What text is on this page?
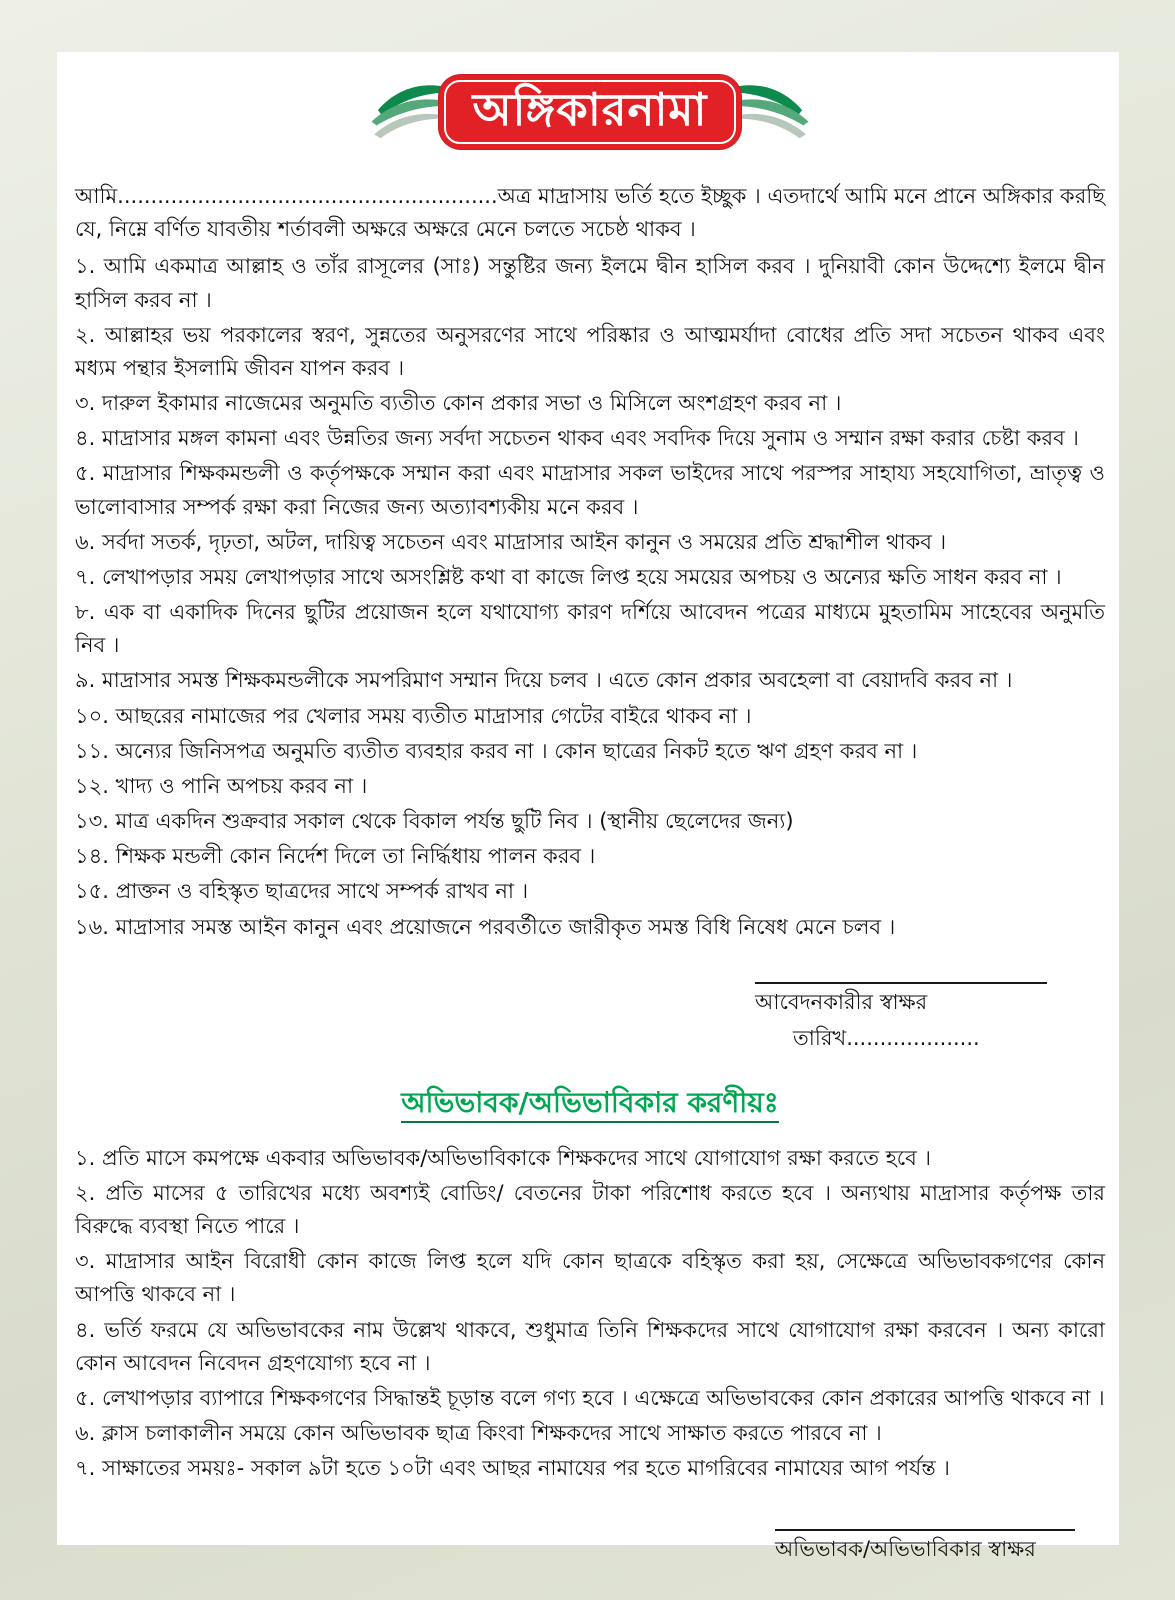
অঙ্গিকারনামা

আমি.........................................................অত্র মাদ্রাসায় ভর্তি হতে ইচ্ছুক । এতদার্থে আমি মনে প্রানে অঙ্গিকার করছি যে, নিম্নে বর্ণিত যাবতীয় শর্তাবলী অক্ষরে অক্ষরে মেনে চলতে সচেষ্ঠ থাকব ।

১. আমি একমাত্র আল্লাহ ও তাঁর রাসূলের (সাঃ) সন্তুষ্টির জন্য ইলমে দ্বীন হাসিল করব । দুনিয়াবী কোন উদ্দেশ্যে ইলমে দ্বীন হাসিল করব না ।

২. আল্লাহর ভয় পরকালের স্বরণ, সুন্নতের অনুসরণের সাথে পরিষ্কার ও আত্মমর্যাদা বোধের প্রতি সদা সচেতন থাকব এবং মধ্যম পন্থার ইসলামি জীবন যাপন করব ।

৩. দারুল ইকামার নাজেমের অনুমতি ব্যতীত কোন প্রকার সভা ও মিসিলে অংশগ্রহণ করব না ।

৪. মাদ্রাসার মঙ্গল কামনা এবং উন্নতির জন্য সর্বদা সচেতন থাকব এবং সবদিক দিয়ে সুনাম ও সম্মান রক্ষা করার চেষ্টা করব ।

৫. মাদ্রাসার শিক্ষকমন্ডলী ও কর্তৃপক্ষকে সম্মান করা এবং মাদ্রাসার সকল ভাইদের সাথে পরস্পর সাহায্য সহযোগিতা, ভ্রাতৃত্ব ও ভালোবাসার সম্পর্ক রক্ষা করা নিজের জন্য অত্যাবশ্যকীয় মনে করব ।

৬. সর্বদা সতর্ক, দৃঢ়তা, অটল, দায়িত্ব সচেতন এবং মাদ্রাসার আইন কানুন ও সময়ের প্রতি শ্রদ্ধাশীল থাকব ।

৭. লেখাপড়ার সময় লেখাপড়ার সাথে অসংশ্লিষ্ট কথা বা কাজে লিপ্ত হয়ে সময়ের অপচয় ও অন্যের ক্ষতি সাধন করব না ।

৮. এক বা একাদিক দিনের ছুটির প্রয়োজন হলে যথাযোগ্য কারণ দর্শিয়ে আবেদন পত্রের মাধ্যমে মুহতামিম সাহেবের অনুমতি নিব ।

৯. মাদ্রাসার সমস্ত শিক্ষকমন্ডলীকে সমপরিমাণ সম্মান দিয়ে চলব । এতে কোন প্রকার অবহেলা বা বেয়াদবি করব না ।

১০. আছরের নামাজের পর খেলার সময় ব্যতীত মাদ্রাসার গেটের বাইরে থাকব না ।

১১. অন্যের জিনিসপত্র অনুমতি ব্যতীত ব্যবহার করব না । কোন ছাত্রের নিকট হতে ঋণ গ্রহণ করব না ।

১২. খাদ্য ও পানি অপচয় করব না ।

১৩. মাত্র একদিন শুক্রবার সকাল থেকে বিকাল পর্যন্ত ছুটি নিব । (স্থানীয় ছেলেদের জন্য)

১৪. শিক্ষক মন্ডলী কোন নির্দেশ দিলে তা নির্দ্ধিধায় পালন করব ।

১৫. প্রাক্তন ও বহিস্কৃত ছাত্রদের সাথে সম্পর্ক রাখব না ।

১৬. মাদ্রাসার সমস্ত আইন কানুন এবং প্রয়োজনে পরবর্তীতে জারীকৃত সমস্ত বিধি নিষেধ মেনে চলব ।

আবেদনকারীর স্বাক্ষর
তারিখ....................
অভিভাবক/অভিভাবিকার করণীয়ঃ

১. প্রতি মাসে কমপক্ষে একবার অভিভাবক/অভিভাবিকাকে শিক্ষকদের সাথে যোগাযোগ রক্ষা করতে হবে ।

২. প্রতি মাসের ৫ তারিখের মধ্যে অবশ্যই বোডিং/ বেতনের টাকা পরিশোধ করতে হবে । অন্যথায় মাদ্রাসার কর্তৃপক্ষ তার বিরুদ্ধে ব্যবস্থা নিতে পারে ।

৩. মাদ্রাসার আইন বিরোধী কোন কাজে লিপ্ত হলে যদি কোন ছাত্রকে বহিস্কৃত করা হয়, সেক্ষেত্রে অভিভাবকগণের কোন আপত্তি থাকবে না ।

৪. ভর্তি ফরমে যে অভিভাবকের নাম উল্লেখ থাকবে, শুধুমাত্র তিনি শিক্ষকদের সাথে যোগাযোগ রক্ষা করবেন । অন্য কারো কোন আবেদন নিবেদন গ্রহণযোগ্য হবে না ।

৫. লেখাপড়ার ব্যাপারে শিক্ষকগণের সিদ্ধান্তই চূড়ান্ত বলে গণ্য হবে । এক্ষেত্রে অভিভাবকের কোন প্রকারের আপত্তি থাকবে না ।

৬. ক্লাস চলাকালীন সময়ে কোন অভিভাবক ছাত্র কিংবা শিক্ষকদের সাথে সাক্ষাত করতে পারবে না ।

৭. সাক্ষাতের সময়ঃ- সকাল ৯টা হতে ১০টা এবং আছর নামাযের পর হতে মাগরিবের নামাযের আগ পর্যন্ত ।

অভিভাবক/অভিভাবিকার স্বাক্ষর
